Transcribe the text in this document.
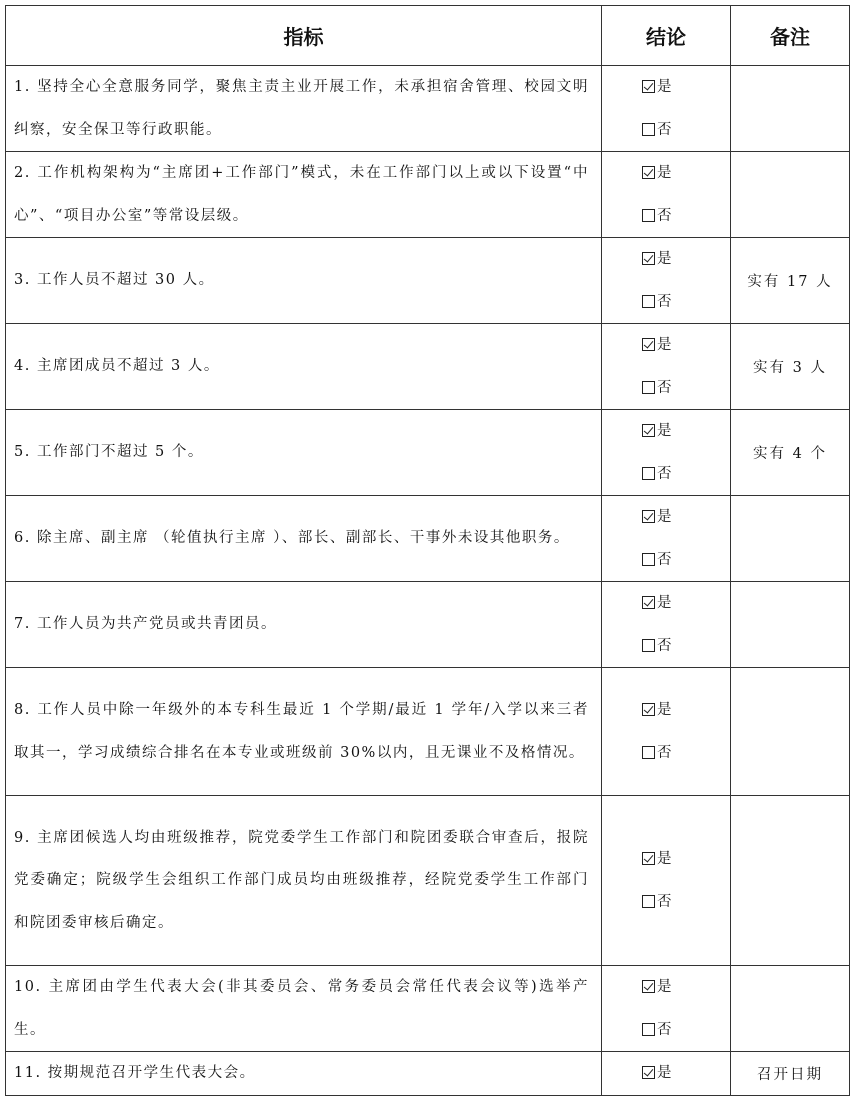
指标	结论	备注
1. 坚持全心全意服务同学，聚焦主责主业开展工作，未承担宿舍管理、校园文明纠察，安全保卫等行政职能。	是
否	

2. 工作机构架构为“主席团+工作部门”模式，未在工作部门以上或以下设置“中心”、“项目办公室”等常设层级。	是
否	

3. 工作人员不超过 30 人。	是
否	实有 17 人
4. 主席团成员不超过 3 人。	是
否	实有 3 人
5. 工作部门不超过 5 个。	是
否	实有 4 个
6. 除主席、副主席 （轮值执行主席 ）、部长、副部长、干事外未设其他职务。	是
否	

7. 工作人员为共产党员或共青团员。	是
否	

8. 工作人员中除一年级外的本专科生最近 1 个学期/最近 1 学年/入学以来三者取其一，学习成绩综合排名在本专业或班级前 30%以内，且无课业不及格情况。	是
否	

9. 主席团候选人均由班级推荐，院党委学生工作部门和院团委联合审查后，报院党委确定；院级学生会组织工作部门成员均由班级推荐，经院党委学生工作部门和院团委审核后确定。	是
否	

10. 主席团由学生代表大会(非其委员会、常务委员会常任代表会议等)选举产生。	是
否	

11. 按期规范召开学生代表大会。	是	召开日期
